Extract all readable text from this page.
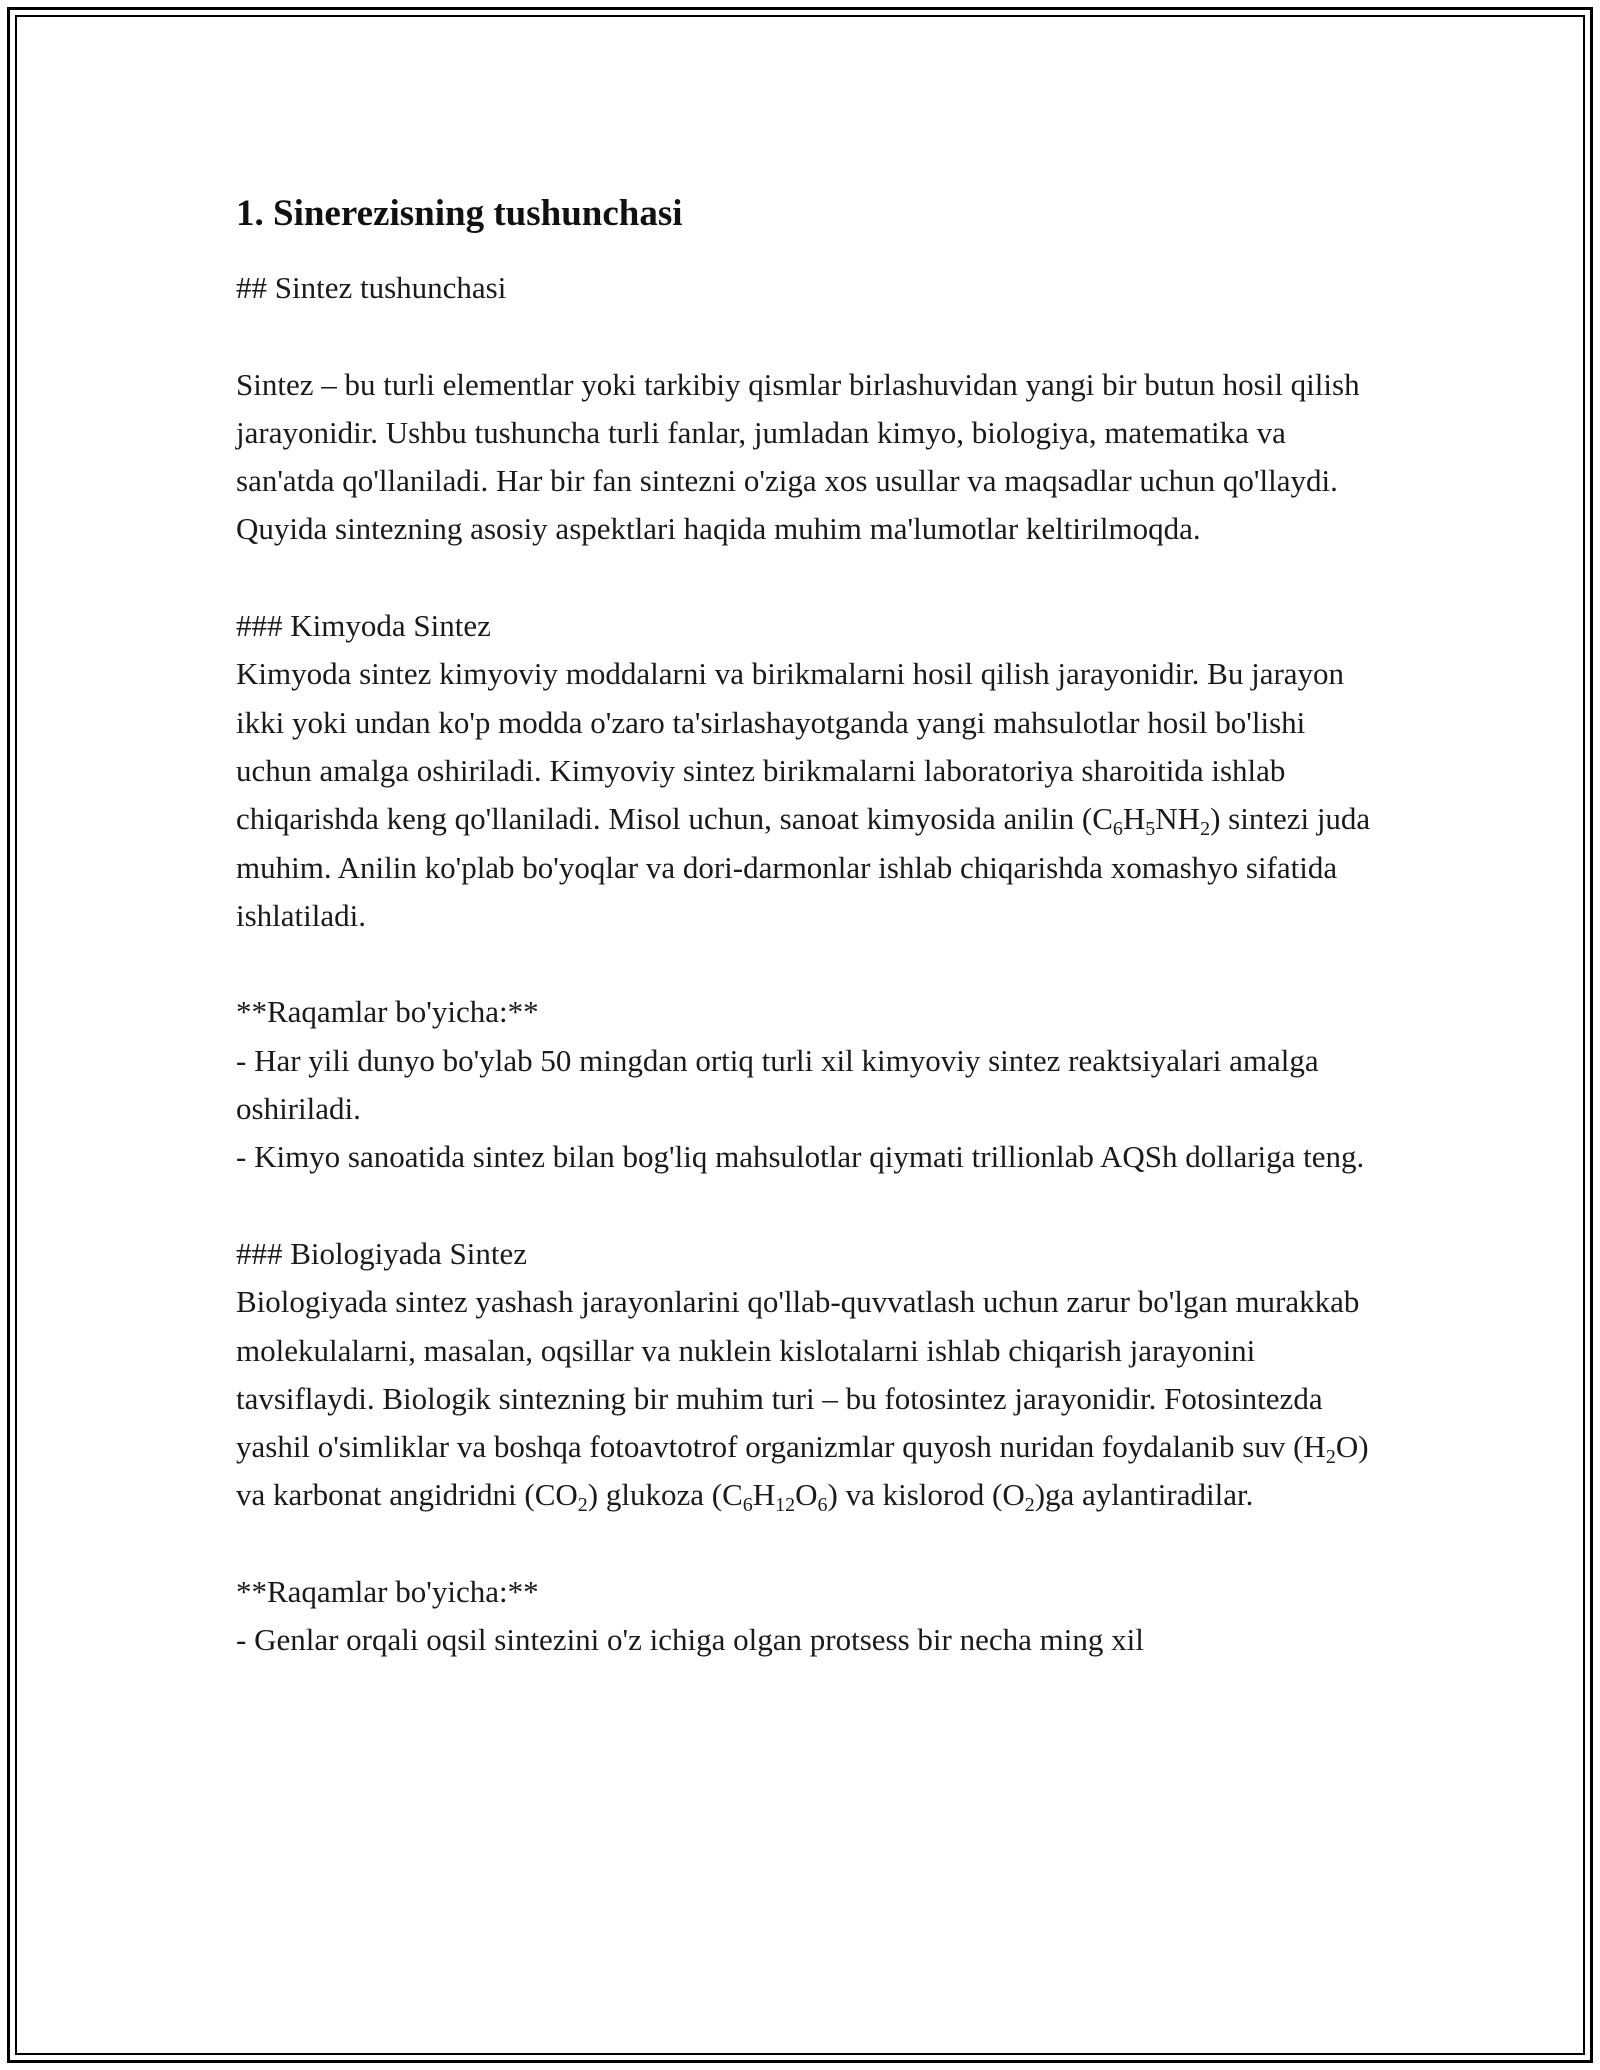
1. Sinerezisning tushunchasi

## Sintez tushunchasi

Sintez – bu turli elementlar yoki tarkibiy qismlar birlashuvidan yangi bir butun hosil qilish jarayonidir. Ushbu tushuncha turli fanlar, jumladan kimyo, biologiya, matematika va san'atda qo'llaniladi. Har bir fan sintezni o'ziga xos usullar va maqsadlar uchun qo'llaydi. Quyida sintezning asosiy aspektlari haqida muhim ma'lumotlar keltirilmoqda.

### Kimyoda Sintez

Kimyoda sintez kimyoviy moddalarni va birikmalarni hosil qilish jarayonidir. Bu jarayon ikki yoki undan ko'p modda o'zaro ta'sirlashayotganda yangi mahsulotlar hosil bo'lishi uchun amalga oshiriladi. Kimyoviy sintez birikmalarni laboratoriya sharoitida ishlab chiqarishda keng qo'llaniladi. Misol uchun, sanoat kimyosida anilin $(C_6H_5NH_2)$ sintezi juda muhim. Anilin ko'plab bo'yoqlar va dori-darmonlar ishlab chiqarishda xomashyo sifatida ishlatiladi.

**Raqamlar bo'yicha:**

- Har yili dunyo bo'ylab 50 mingdan ortiq turli xil kimyoviy sintez reaktsiyalari amalga oshiriladi.

- Kimyo sanoatida sintez bilan bog'liq mahsulotlar qiymati trillionlab AQSh dollariga teng.

### Biologiyada Sintez

Biologiyada sintez yashash jarayonlarini qo'llab-quvvatlash uchun zarur bo'lgan murakkab molekulalarni, masalan, oqsillar va nuklein kislotalarni ishlab chiqarish jarayonini tavsiflaydi. Biologik sintezning bir muhim turi – bu fotosintez jarayonidir. Fotosintezda yashil o'simliklar va boshqa fotoavtotrof organizmlar quyosh nuridan foydalanib suv $(H_2O)$ va karbonat angidridni $(CO_2)$ glukoza $(C_6H_{12}O_6)$ va kislorod $(O_2)ga$ aylantiradilar.

**Raqamlar bo'yicha:**

- Genlar orqali oqsil sintezini o'z ichiga olgan protsess bir necha ming xil
